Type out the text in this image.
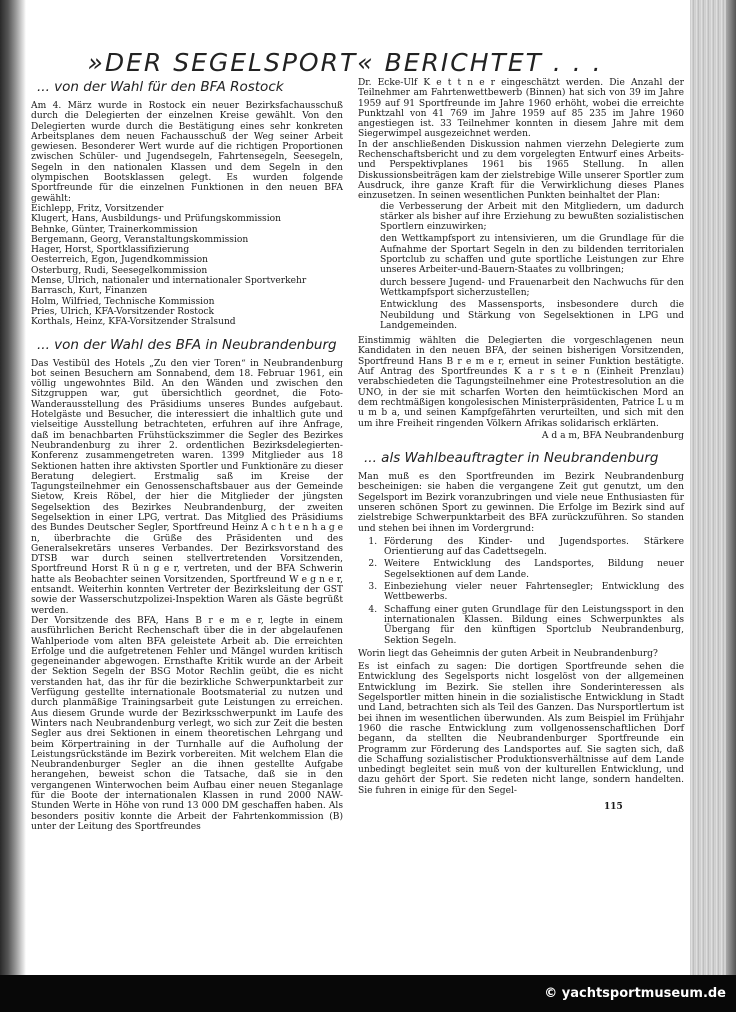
»DER SEGELSPORT« BERICHTET . . .
... von der Wahl für den BFA Rostock

Am 4. März wurde in Rostock ein neuer Bezirksfachausschuß durch die Delegierten der einzelnen Kreise gewählt. Von den Delegierten wurde durch die Bestätigung eines sehr konkreten Arbeitsplanes dem neuen Fachausschuß der Weg seiner Arbeit gewiesen. Besonderer Wert wurde auf die richtigen Proportionen zwischen Schüler- und Jugendsegeln, Fahrtensegeln, Seesegeln, Segeln in den nationalen Klassen und dem Segeln in den olympischen Bootsklassen gelegt. Es wurden folgende Sportfreunde für die einzelnen Funktionen in den neuen BFA gewählt:

Eichlepp, Fritz, Vorsitzender
Klugert, Hans, Ausbildungs- und Prüfungskommission
Behnke, Günter, Trainerkommission
Bergemann, Georg, Veranstaltungskommission
Hager, Horst, Sportklassifizierung
Oesterreich, Egon, Jugendkommission
Osterburg, Rudi, Seesegelkommission
Mense, Ulrich, nationaler und internationaler Sportverkehr
Barrasch, Kurt, Finanzen
Holm, Wilfried, Technische Kommission
Pries, Ulrich, KFA-Vorsitzender Rostock
Korthals, Heinz, KFA-Vorsitzender Stralsund
... von der Wahl des BFA in Neubrandenburg

Das Vestibül des Hotels „Zu den vier Toren“ in Neubrandenburg bot seinen Besuchern am Sonnabend, dem 18. Februar 1961, ein völlig ungewohntes Bild. An den Wänden und zwischen den Sitzgruppen war, gut übersichtlich geordnet, die Foto-Wanderausstellung des Präsidiums unseres Bundes aufgebaut. Hotelgäste und Besucher, die interessiert die inhaltlich gute und vielseitige Ausstellung betrachteten, erfuhren auf ihre Anfrage, daß im benachbarten Frühstückszimmer die Segler des Bezirkes Neubrandenburg zu ihrer 2. ordentlichen Bezirksdelegierten-Konferenz zusammengetreten waren. 1399 Mitglieder aus 18 Sektionen hatten ihre aktivsten Sportler und Funktionäre zu dieser Beratung delegiert. Erstmalig saß im Kreise der Tagungsteilnehmer ein Genossenschaftsbauer aus der Gemeinde Sietow, Kreis Röbel, der hier die Mitglieder der jüngsten Segelsektion des Bezirkes Neubrandenburg, der zweiten Segelsektion in einer LPG, vertrat. Das Mitglied des Präsidiums des Bundes Deutscher Segler, Sportfreund Heinz A c h t e n h a g e n, überbrachte die Grüße des Präsidenten und des Generalsekretärs unseres Verbandes. Der Bezirksvorstand des DTSB war durch seinen stellvertretenden Vorsitzenden, Sportfreund Horst R ü n g e r, vertreten, und der BFA Schwerin hatte als Beobachter seinen Vorsitzenden, Sportfreund W e g n e r, entsandt. Weiterhin konnten Vertreter der Bezirksleitung der GST sowie der Wasserschutzpolizei-Inspektion Waren als Gäste begrüßt werden.

Der Vorsitzende des BFA, Hans B r e m e r, legte in einem ausführlichen Bericht Rechenschaft über die in der abgelaufenen Wahlperiode vom alten BFA geleistete Arbeit ab. Die erreichten Erfolge und die aufgetretenen Fehler und Mängel wurden kritisch gegeneinander abgewogen. Ernsthafte Kritik wurde an der Arbeit der Sektion Segeln der BSG Motor Rechlin geübt, die es nicht verstanden hat, das ihr für die bezirkliche Schwerpunktarbeit zur Verfügung gestellte internationale Bootsmaterial zu nutzen und durch planmäßige Trainingsarbeit gute Leistungen zu erreichen. Aus diesem Grunde wurde der Bezirksschwerpunkt im Laufe des Winters nach Neubrandenburg verlegt, wo sich zur Zeit die besten Segler aus drei Sektionen in einem theoretischen Lehrgang und beim Körpertraining in der Turnhalle auf die Aufholung der Leistungsrückstände im Bezirk vorbereiten. Mit welchem Elan die Neubrandenburger Segler an die ihnen gestellte Aufgabe herangehen, beweist schon die Tatsache, daß sie in den vergangenen Winterwochen beim Aufbau einer neuen Steganlage für die Boote der internationalen Klassen in rund 2000 NAW-Stunden Werte in Höhe von rund 13 000 DM geschaffen haben. Als besonders positiv konnte die Arbeit der Fahrtenkommission (B) unter der Leitung des Sportfreundes

Dr. Ecke-Ulf K e t t n e r eingeschätzt werden. Die Anzahl der Teilnehmer am Fahrtenwettbewerb (Binnen) hat sich von 39 im Jahre 1959 auf 91 Sportfreunde im Jahre 1960 erhöht, wobei die erreichte Punktzahl von 41 769 im Jahre 1959 auf 85 235 im Jahre 1960 angestiegen ist. 33 Teilnehmer konnten in diesem Jahre mit dem Siegerwimpel ausgezeichnet werden.

In der anschließenden Diskussion nahmen vierzehn Delegierte zum Rechenschaftsbericht und zu dem vorgelegten Entwurf eines Arbeits- und Perspektivplanes 1961 bis 1965 Stellung. In allen Diskussionsbeiträgen kam der zielstrebige Wille unserer Sportler zum Ausdruck, ihre ganze Kraft für die Verwirklichung dieses Planes einzusetzen. In seinen wesentlichen Punkten beinhaltet der Plan:

die Verbesserung der Arbeit mit den Mitgliedern, um dadurch stärker als bisher auf ihre Erziehung zu bewußten sozialistischen Sportlern einzuwirken;

den Wettkampfsport zu intensivieren, um die Grundlage für die Aufnahme der Sportart Segeln in den zu bildenden territorialen Sportclub zu schaffen und gute sportliche Leistungen zur Ehre unseres Arbeiter-und-Bauern-Staates zu vollbringen;

durch bessere Jugend- und Frauenarbeit den Nachwuchs für den Wettkampfsport sicherzustellen;

Entwicklung des Massensports, insbesondere durch die Neubildung und Stärkung von Segelsektionen in LPG und Landgemeinden.

Einstimmig wählten die Delegierten die vorgeschlagenen neun Kandidaten in den neuen BFA, der seinen bisherigen Vorsitzenden, Sportfreund Hans B r e m e r, erneut in seiner Funktion bestätigte. Auf Antrag des Sportfreundes K a r s t e n (Einheit Prenzlau) verabschiedeten die Tagungsteilnehmer eine Protestresolution an die UNO, in der sie mit scharfen Worten den heimtückischen Mord an dem rechtmäßigen kongolesischen Ministerpräsidenten, Patrice L u m u m b a, und seinen Kampfgefährten verurteilten, und sich mit den um ihre Freiheit ringenden Völkern Afrikas solidarisch erklärten.

A d a m, BFA Neubrandenburg
... als Wahlbeauftragter in Neubrandenburg

Man muß es den Sportfreunden im Bezirk Neubrandenburg bescheinigen: sie haben die vergangene Zeit gut genutzt, um den Segelsport im Bezirk voranzubringen und viele neue Enthusiasten für unseren schönen Sport zu gewinnen. Die Erfolge im Bezirk sind auf zielstrebige Schwerpunktarbeit des BFA zurückzuführen. So standen und stehen bei ihnen im Vordergrund:

1. Förderung des Kinder- und Jugendsportes. Stärkere Orientierung auf das Cadettsegeln.
2. Weitere Entwicklung des Landsportes, Bildung neuer Segelsektionen auf dem Lande.
3. Einbeziehung vieler neuer Fahrtensegler; Entwicklung des Wettbewerbs.
4. Schaffung einer guten Grundlage für den Leistungssport in den internationalen Klassen. Bildung eines Schwerpunktes als Übergang für den künftigen Sportclub Neubrandenburg, Sektion Segeln.

Worin liegt das Geheimnis der guten Arbeit in Neubrandenburg?

Es ist einfach zu sagen: Die dortigen Sportfreunde sehen die Entwicklung des Segelsports nicht losgelöst von der allgemeinen Entwicklung im Bezirk. Sie stellen ihre Sonderinteressen als Segelsportler mitten hinein in die sozialistische Entwicklung in Stadt und Land, betrachten sich als Teil des Ganzen. Das Nursportlertum ist bei ihnen im wesentlichen überwunden. Als zum Beispiel im Frühjahr 1960 die rasche Entwicklung zum vollgenossenschaftlichen Dorf begann, da stellten die Neubrandenburger Sportfreunde ein Programm zur Förderung des Landsportes auf. Sie sagten sich, daß die Schaffung sozialistischer Produktionsverhältnisse auf dem Lande unbedingt begleitet sein muß von der kulturellen Entwicklung, und dazu gehört der Sport. Sie redeten nicht lange, sondern handelten. Sie fuhren in einige für den Segel-

115
© yachtsportmuseum.de
